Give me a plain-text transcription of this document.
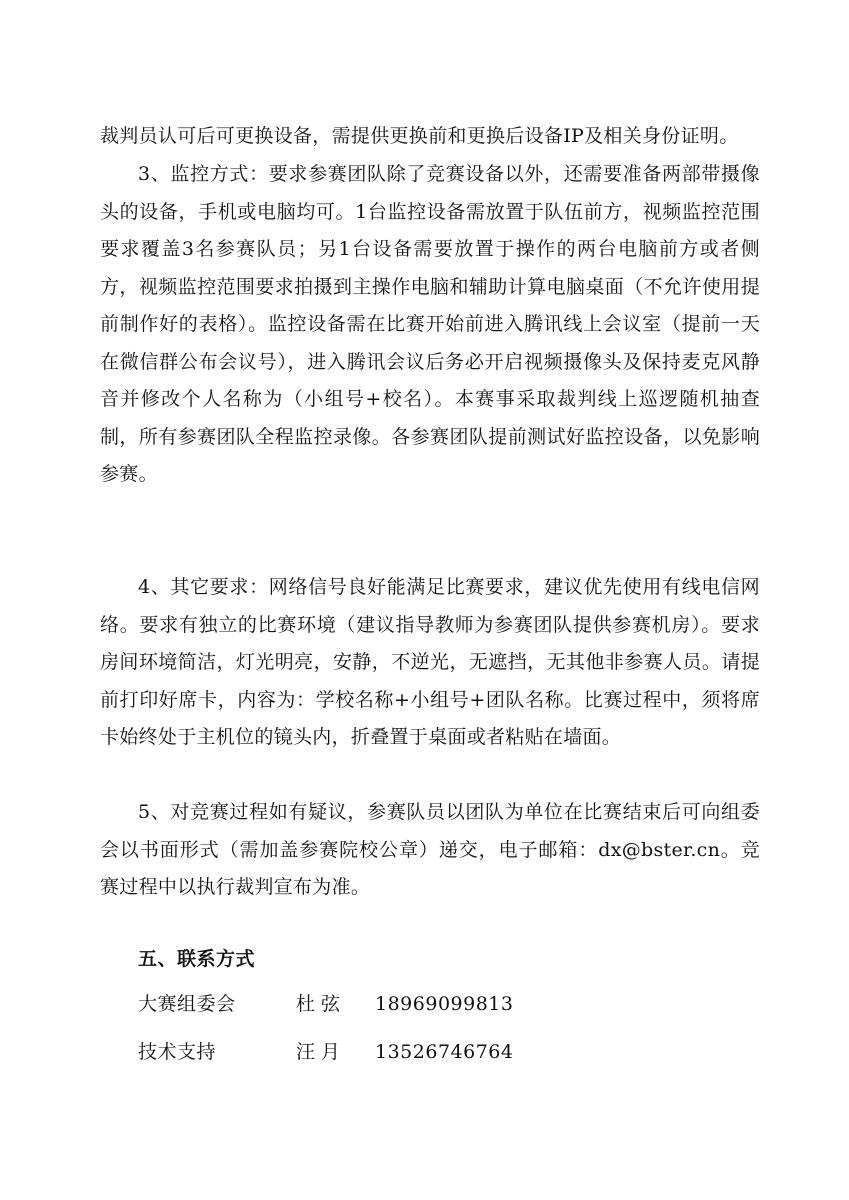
裁判员认可后可更换设备，需提供更换前和更换后设备IP及相关身份证明。

3、监控方式：要求参赛团队除了竞赛设备以外，还需要准备两部带摄像头的设备，手机或电脑均可。1台监控设备需放置于队伍前方，视频监控范围要求覆盖3名参赛队员；另1台设备需要放置于操作的两台电脑前方或者侧方，视频监控范围要求拍摄到主操作电脑和辅助计算电脑桌面（不允许使用提前制作好的表格）。监控设备需在比赛开始前进入腾讯线上会议室（提前一天在微信群公布会议号），进入腾讯会议后务必开启视频摄像头及保持麦克风静音并修改个人名称为（小组号+校名）。本赛事采取裁判线上巡逻随机抽查制，所有参赛团队全程监控录像。各参赛团队提前测试好监控设备，以免影响参赛。

4、其它要求：网络信号良好能满足比赛要求，建议优先使用有线电信网络。要求有独立的比赛环境（建议指导教师为参赛团队提供参赛机房）。要求房间环境简洁，灯光明亮，安静，不逆光，无遮挡，无其他非参赛人员。请提前打印好席卡，内容为：学校名称+小组号+团队名称。比赛过程中，须将席卡始终处于主机位的镜头内，折叠置于桌面或者粘贴在墙面。

5、对竞赛过程如有疑议，参赛队员以团队为单位在比赛结束后可向组委会以书面形式（需加盖参赛院校公章）递交，电子邮箱：dx@bster.cn。竞赛过程中以执行裁判宣布为准。

五、联系方式
大赛组委会	杜弦 18969099813
技术支持	汪月 13526746764
